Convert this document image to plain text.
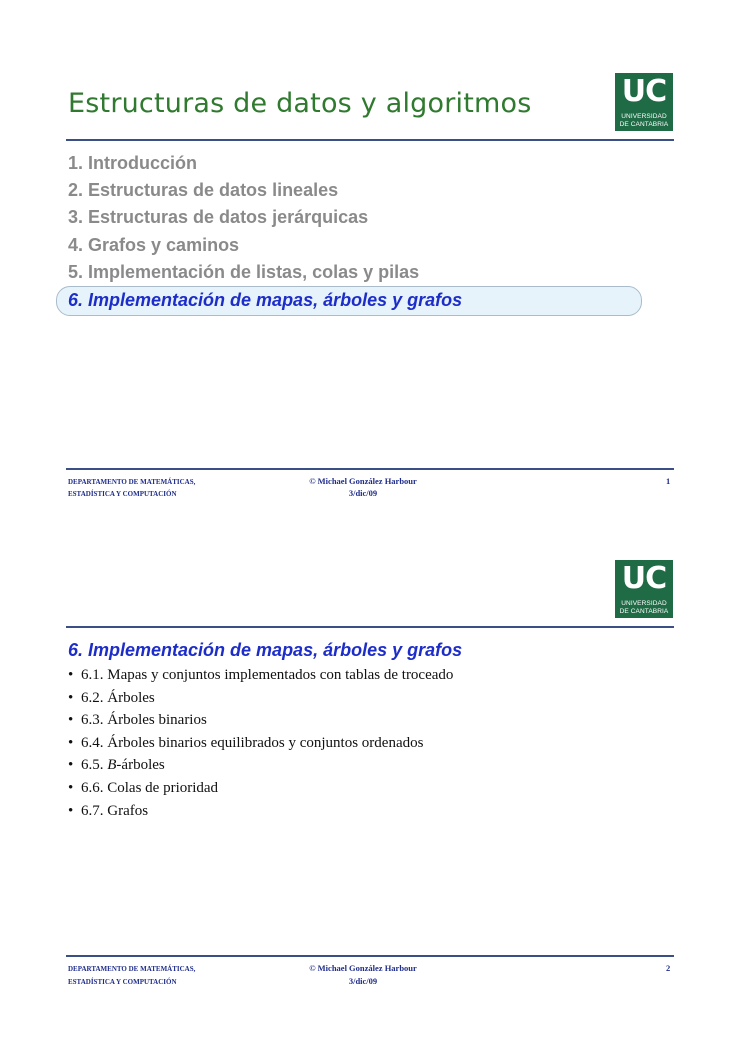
UC
UNIVERSIDAD
DE CANTABRIA
Estructuras de datos y algoritmos
1. Introducción
2. Estructuras de datos lineales
3. Estructuras de datos jerárquicas
4. Grafos y caminos
5. Implementación de listas, colas y pilas
6. Implementación de mapas, árboles y grafos
DEPARTAMENTO DE MATEMÁTICAS,
ESTADÍSTICA Y COMPUTACIÓN
© Michael González Harbour
3/dic/09
1
UC
UNIVERSIDAD
DE CANTABRIA
6. Implementación de mapas, árboles y grafos
• 6.1. Mapas y conjuntos implementados con tablas de troceado
• 6.2. Árboles
• 6.3. Árboles binarios
• 6.4. Árboles binarios equilibrados y conjuntos ordenados
• 6.5. B-árboles
• 6.6. Colas de prioridad
• 6.7. Grafos
DEPARTAMENTO DE MATEMÁTICAS,
ESTADÍSTICA Y COMPUTACIÓN
© Michael González Harbour
3/dic/09
2
